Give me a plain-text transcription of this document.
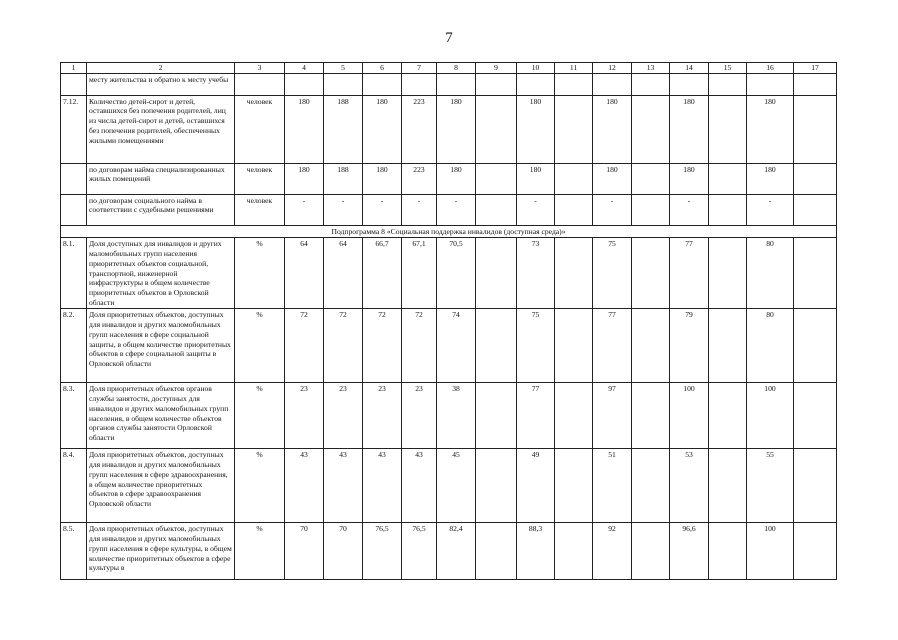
7
1	2	3	4	5	6	7	8	9	10	11	12	13	14	15	16	17
	месту жительства и обратно к месту учебы															
7.12.	Количество детей-сирот и детей, оставшихся без попечения родителей, лиц из числа детей-сирот и детей, оставшихся без попечения родителей, обеспеченных жилыми помещениями	человек	180	188	180	223	180		180		180		180		180	
	по договорам найма специализированных жилых помещений	человек	180	188	180	223	180		180		180		180		180	
	по договорам социального найма в соответствии с судебными решениями	человек	-	-	-	-	-		-		-		-		-	
Подпрограмма 8 «Социальная поддержка инвалидов (доступная среда)»																
8.1.	Доля доступных для инвалидов и других маломобильных групп населения приоритетных объектов социальной, транспортной, инженерной инфраструктуры в общем количестве приоритетных объектов в Орловской области	%	64	64	66,7	67,1	70,5		73		75		77		80	
8.2.	Доля приоритетных объектов, доступных для инвалидов и других маломобильных групп населения в сфере социальной защиты, в общем количестве приоритетных объектов в сфере социальной защиты в Орловской области	%	72	72	72	72	74		75		77		79		80	
8.3.	Доля приоритетных объектов органов службы занятости, доступных для инвалидов и других маломобильных групп населения, в общем количестве объектов органов службы занятости Орловской области	%	23	23	23	23	38		77		97		100		100	
8.4.	Доля приоритетных объектов, доступных для инвалидов и других маломобильных групп населения в сфере здравоохранения, в общем количестве приоритетных объектов в сфере здравоохранения Орловской области	%	43	43	43	43	45		49		51		53		55	
8.5.	Доля приоритетных объектов, доступных для инвалидов и других маломобильных групп населения в сфере культуры, в общем количестве приоритетных объектов в сфере культуры в	%	70	70	76,5	76,5	82,4		88,3		92		96,6		100	
